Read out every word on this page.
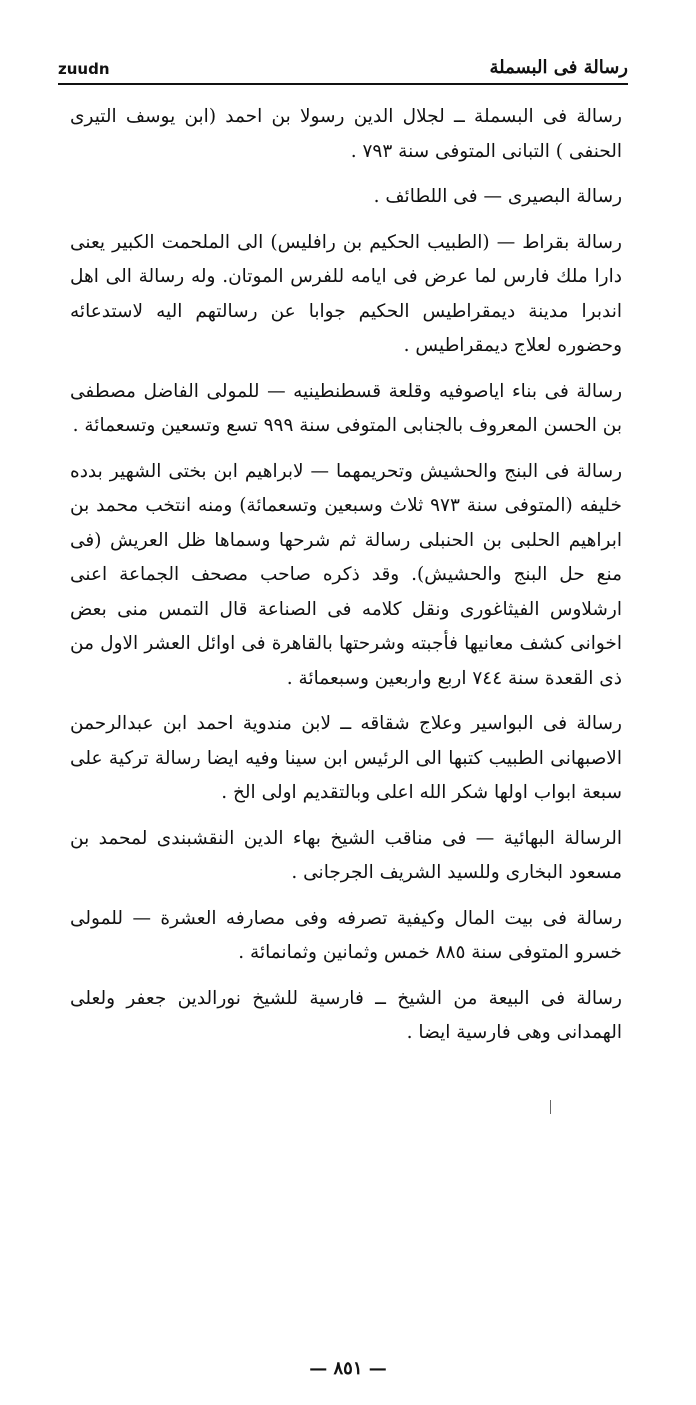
رسالة فى البسملة
zuudn

رسالة فى البسملة ــ لجلال الدين رسولا بن احمد (ابن يوسف التيرى الحنفى ) التبانى المتوفى سنة ٧٩٣ .

رسالة البصيرى — فى اللطائف .

رسالة بقراط — (الطبيب الحكيم بن رافليس) الى الملحمت الكبير يعنى دارا ملك فارس لما عرض فى ايامه للفرس الموتان. وله رسالة الى اهل اندبرا مدينة ديمقراطيس الحكيم جوابا عن رسالتهم اليه لاستدعائه وحضوره لعلاج ديمقراطيس .

رسالة فى بناء اياصوفيه وقلعة قسطنطينيه — للمولى الفاضل مصطفى بن الحسن المعروف بالجنابى المتوفى سنة ٩٩٩ تسع وتسعين وتسعمائة .

رسالة فى البنج والحشيش وتحريمهما — لابراهيم ابن بختى الشهير بدده خليفه (المتوفى سنة ٩٧٣ ثلاث وسبعين وتسعمائة) ومنه انتخب محمد بن ابراهيم الحلبى بن الحنبلى رسالة ثم شرحها وسماها ظل العريش (فى منع حل البنج والحشيش). وقد ذكره صاحب مصحف الجماعة اعنى ارشلاوس الفيثاغوری ونقل كلامه فى الصناعة قال التمس منى بعض اخوانى كشف معانيها فأجبته وشرحتها بالقاهرة فى اوائل العشر الاول من ذى القعدة سنة ٧٤٤ اربع واربعين وسبعمائة .

رسالة فى البواسير وعلاج شقاقه ــ لابن مندوية احمد ابن عبدالرحمن الاصبهانى الطبيب كتبها الى الرئيس ابن سينا وفيه ايضا رسالة تركية على سبعة ابواب اولها شكر الله اعلى وبالتقديم اولى الخ .

الرسالة البهائية — فى مناقب الشيخ بهاء الدين النقشبندى لمحمد بن مسعود البخارى وللسيد الشريف الجرجانى .

رسالة فى بيت المال وكيفية تصرفه وفى مصارفه العشرة — للمولى خسرو المتوفى سنة ٨٨٥ خمس وثمانين وثمانمائة .

رسالة فى البيعة من الشيخ ــ فارسية للشيخ نورالدين جعفر ولعلى الهمدانى وهى فارسية ايضا .

— ٨٥١ —
